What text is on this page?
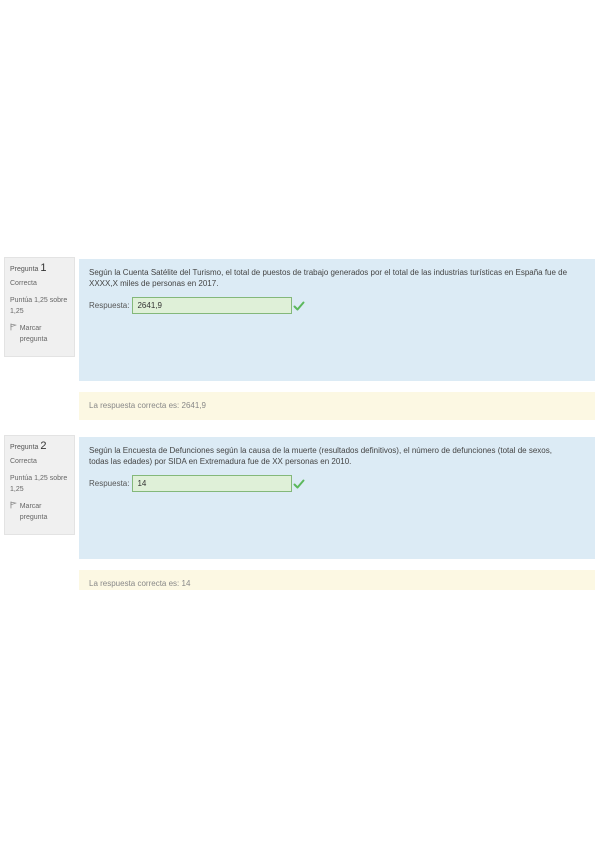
Pregunta 1
Correcta
Puntúa 1,25 sobre 1,25
Marcar pregunta
Según la Cuenta Satélite del Turismo, el total de puestos de trabajo generados por el total de las industrias turísticas en España fue de XXXX,X miles de personas en 2017.
Respuesta:	2641,9
La respuesta correcta es: 2641,9
Pregunta 2
Correcta
Puntúa 1,25 sobre 1,25
Marcar pregunta
Según la Encuesta de Defunciones según la causa de la muerte (resultados definitivos), el número de defunciones (total de sexos, todas las edades) por SIDA en Extremadura fue de XX personas en 2010.
Respuesta:	14
La respuesta correcta es: 14
